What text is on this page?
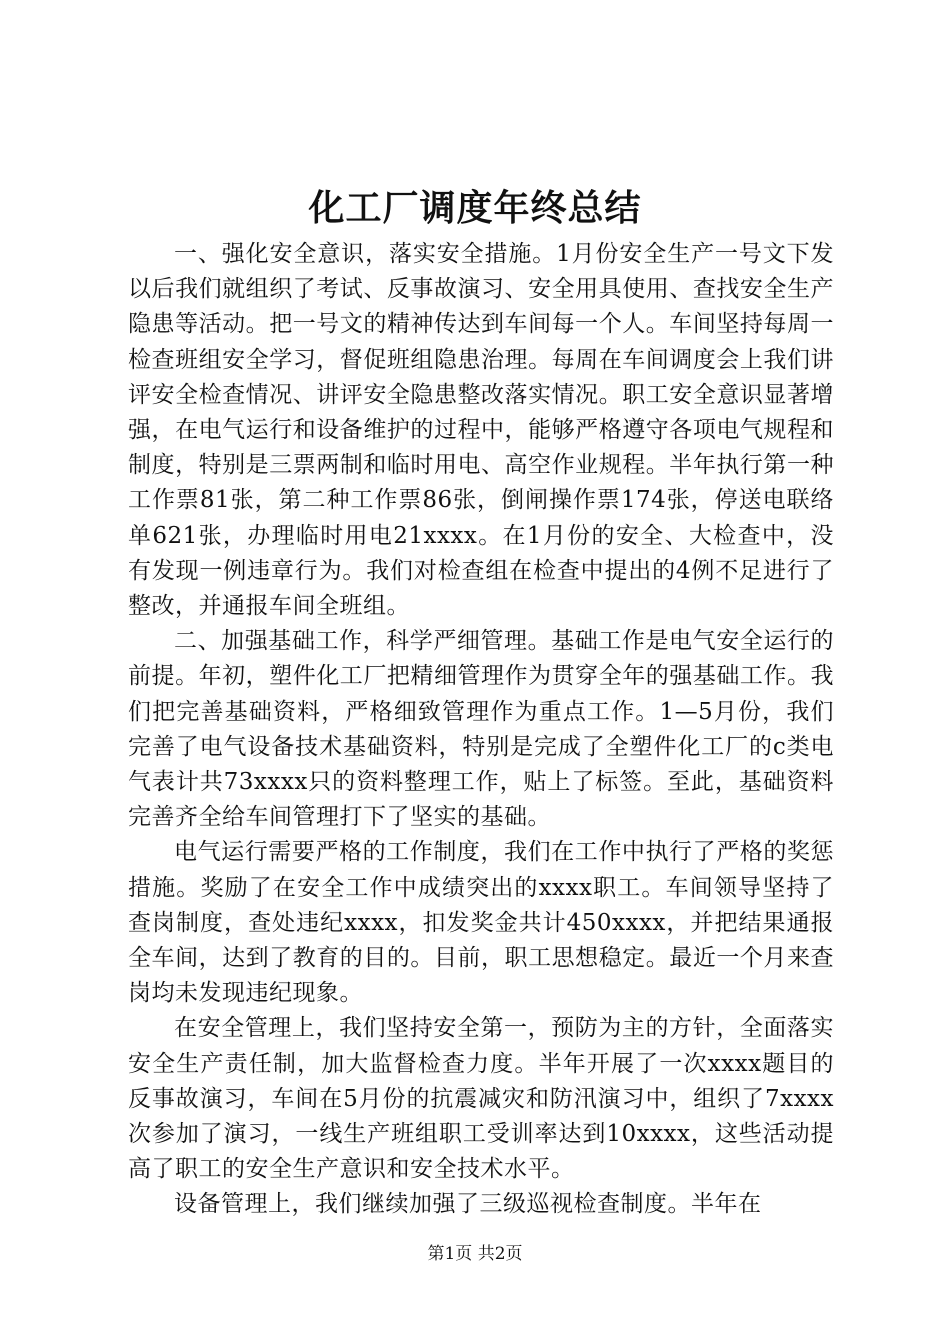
化工厂调度年终总结

一、强化安全意识，落实安全措施。1月份安全生产一号文下发以后我们就组织了考试、反事故演习、安全用具使用、查找安全生产隐患等活动。把一号文的精神传达到车间每一个人。车间坚持每周一检查班组安全学习，督促班组隐患治理。每周在车间调度会上我们讲评安全检查情况、讲评安全隐患整改落实情况。职工安全意识显著增强，在电气运行和设备维护的过程中，能够严格遵守各项电气规程和制度，特别是三票两制和临时用电、高空作业规程。半年执行第一种工作票81张，第二种工作票86张，倒闸操作票174张，停送电联络单621张，办理临时用电21xxxx。在1月份的安全、大检查中，没有发现一例违章行为。我们对检查组在检查中提出的4例不足进行了整改，并通报车间全班组。

二、加强基础工作，科学严细管理。基础工作是电气安全运行的前提。年初，塑件化工厂把精细管理作为贯穿全年的强基础工作。我们把完善基础资料，严格细致管理作为重点工作。1—5月份，我们完善了电气设备技术基础资料，特别是完成了全塑件化工厂的c类电气表计共73xxxx只的资料整理工作，贴上了标签。至此，基础资料完善齐全给车间管理打下了坚实的基础。

电气运行需要严格的工作制度，我们在工作中执行了严格的奖惩措施。奖励了在安全工作中成绩突出的xxxx职工。车间领导坚持了查岗制度，查处违纪xxxx，扣发奖金共计450xxxx，并把结果通报全车间，达到了教育的目的。目前，职工思想稳定。最近一个月来查岗均未发现违纪现象。

在安全管理上，我们坚持安全第一，预防为主的方针，全面落实安全生产责任制，加大监督检查力度。半年开展了一次xxxx题目的反事故演习，车间在5月份的抗震减灾和防汛演习中，组织了7xxxx次参加了演习，一线生产班组职工受训率达到10xxxx，这些活动提高了职工的安全生产意识和安全技术水平。

设备管理上，我们继续加强了三级巡视检查制度。半年在

第1页 共2页
